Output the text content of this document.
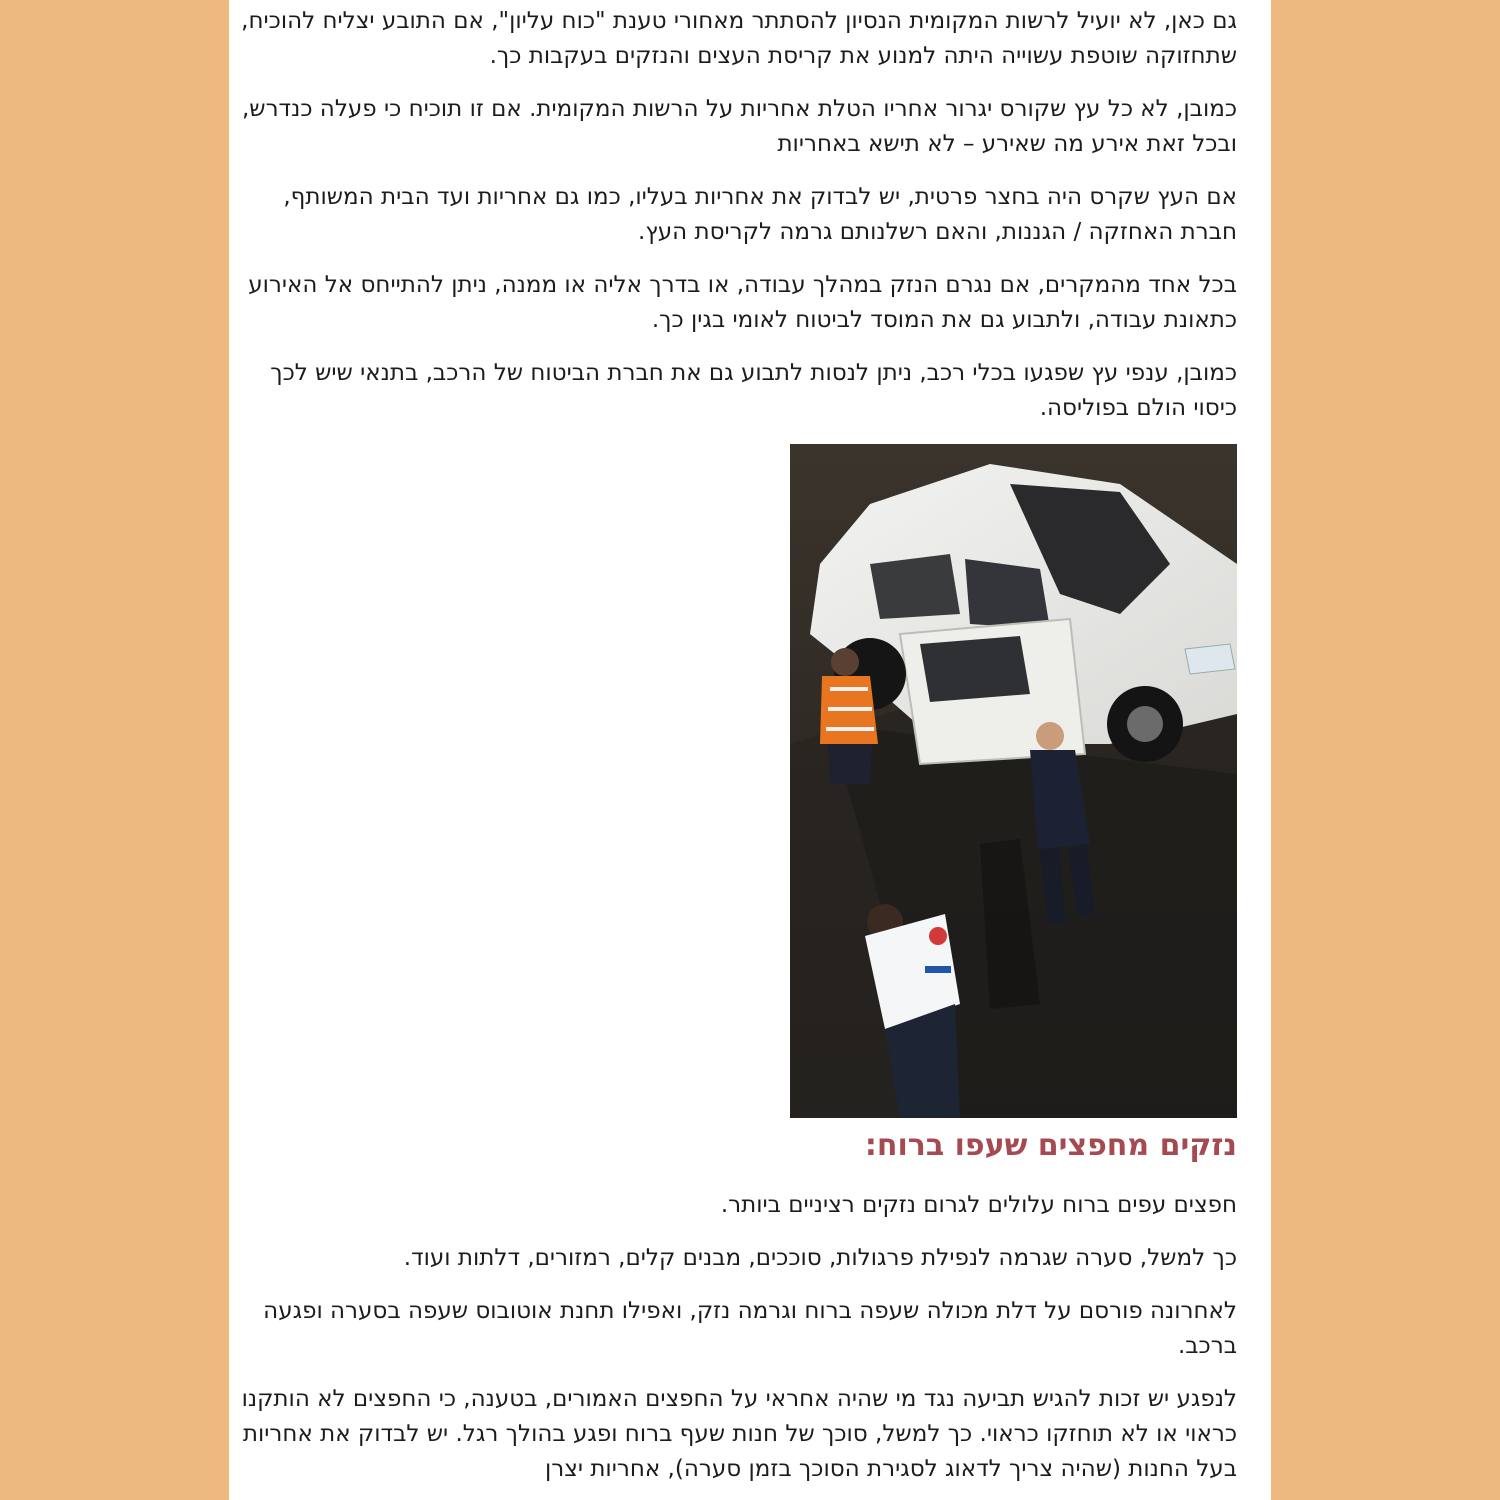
גם כאן, לא יועיל לרשות המקומית הנסיון להסתתר מאחורי טענת "כוח עליון", אם התובע יצליח להוכיח, שתחזוקה שוטפת עשוייה היתה למנוע את קריסת העצים והנזקים בעקבות כך.

כמובן, לא כל עץ שקורס יגרור אחריו הטלת אחריות על הרשות המקומית. אם זו תוכיח כי פעלה כנדרש, ובכל זאת אירע מה שאירע – לא תישא באחריות

אם העץ שקרס היה בחצר פרטית, יש לבדוק את אחריות בעליו, כמו גם אחריות ועד הבית המשותף, חברת האחזקה / הגננות, והאם רשלנותם גרמה לקריסת העץ.

בכל אחד מהמקרים, אם נגרם הנזק במהלך עבודה, או בדרך אליה או ממנה, ניתן להתייחס אל האירוע כתאונת עבודה, ולתבוע גם את המוסד לביטוח לאומי בגין כך.

כמובן, ענפי עץ שפגעו בכלי רכב, ניתן לנסות לתבוע גם את חברת הביטוח של הרכב, בתנאי שיש לכך כיסוי הולם בפוליסה.

נזקים מחפצים שעפו ברוח:

חפצים עפים ברוח עלולים לגרום נזקים רציניים ביותר.

כך למשל, סערה שגרמה לנפילת פרגולות, סוככים, מבנים קלים, רמזורים, דלתות ועוד.

לאחרונה פורסם על דלת מכולה שעפה ברוח וגרמה נזק, ואפילו תחנת אוטובוס שעפה בסערה ופגעה ברכב.

לנפגע יש זכות להגיש תביעה נגד מי שהיה אחראי על החפצים האמורים, בטענה, כי החפצים לא הותקנו כראוי או לא תוחזקו כראוי. כך למשל, סוכך של חנות שעף ברוח ופגע בהולך רגל. יש לבדוק את אחריות בעל החנות (שהיה צריך לדאוג לסגירת הסוכך בזמן סערה), אחריות יצרן
